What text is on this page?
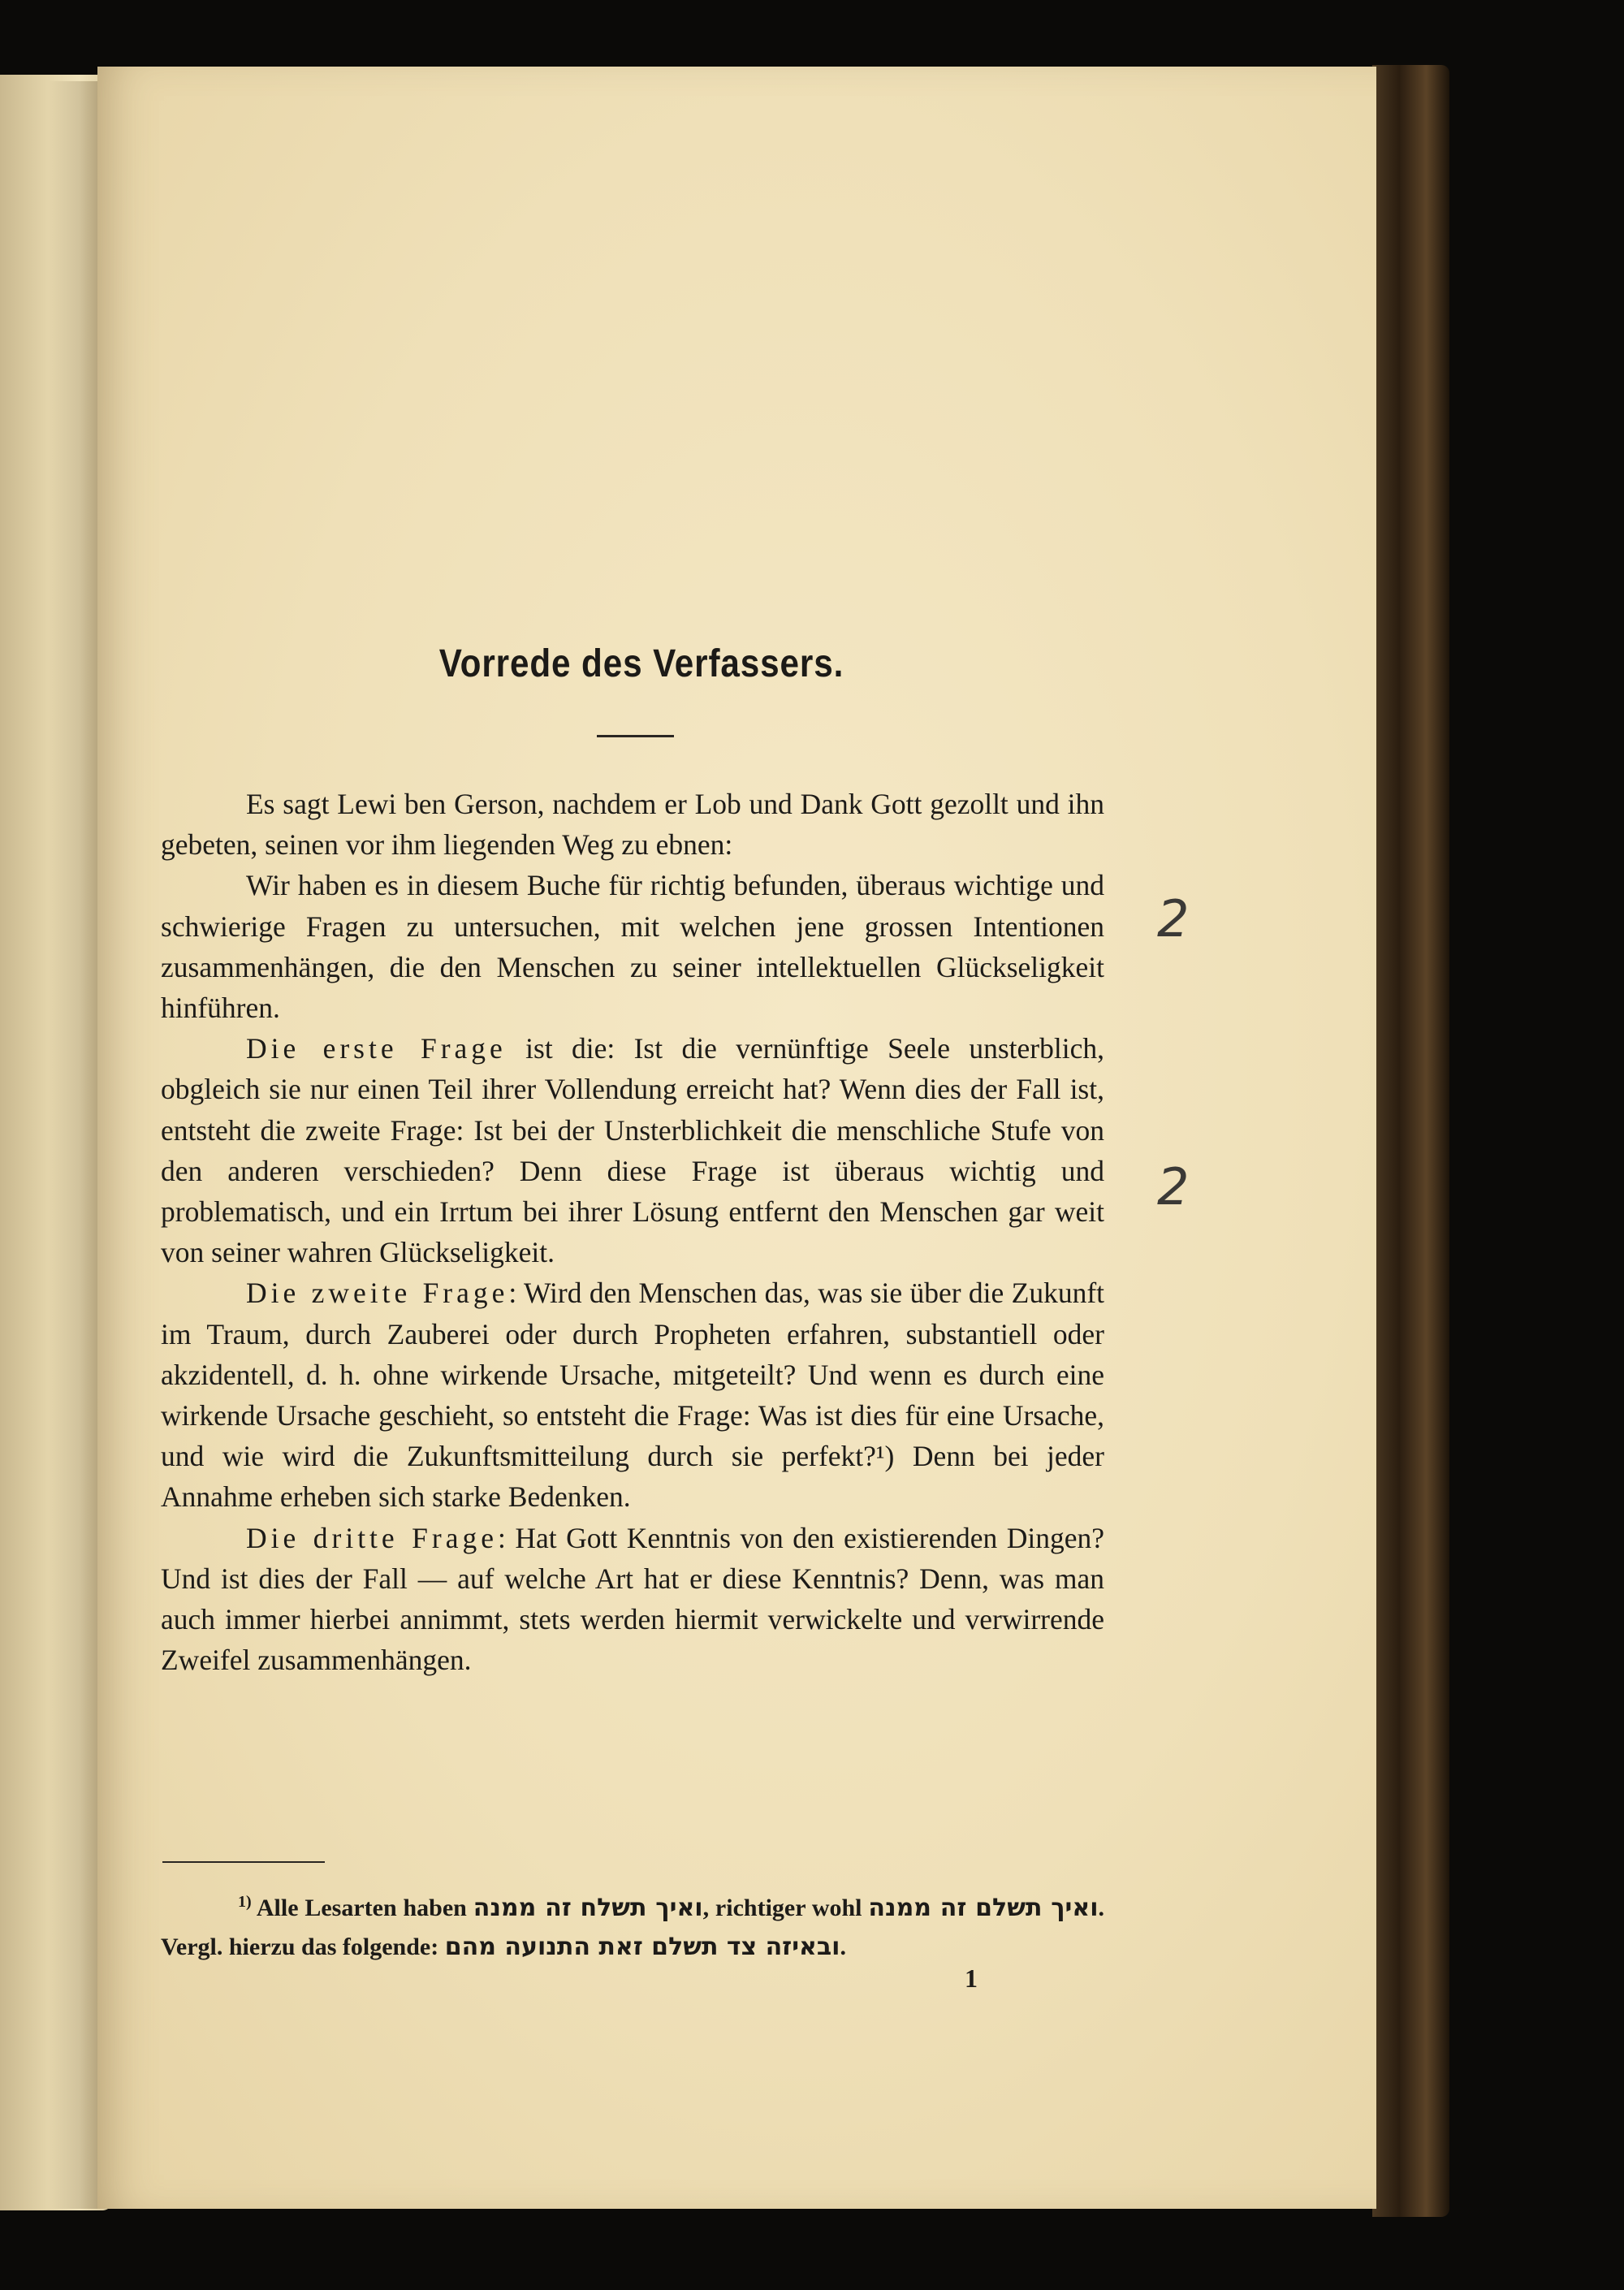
Vorrede des Verfassers.

Es sagt Lewi ben Gerson, nachdem er Lob und Dank Gott gezollt und ihn gebeten, seinen vor ihm liegenden Weg zu ebnen:

Wir haben es in diesem Buche für richtig befunden, überaus wichtige und schwierige Fragen zu untersuchen, mit welchen jene grossen Intentionen zusammenhängen, die den Menschen zu seiner intellektuellen Glückseligkeit hinführen.

Die erste Frage ist die: Ist die vernünftige Seele unsterblich, obgleich sie nur einen Teil ihrer Vollendung erreicht hat? Wenn dies der Fall ist, entsteht die zweite Frage: Ist bei der Unsterblichkeit die menschliche Stufe von den anderen verschieden? Denn diese Frage ist überaus wichtig und problematisch, und ein Irrtum bei ihrer Lösung entfernt den Menschen gar weit von seiner wahren Glückseligkeit.

Die zweite Frage: Wird den Menschen das, was sie über die Zukunft im Traum, durch Zauberei oder durch Propheten erfahren, substantiell oder akzidentell, d. h. ohne wirkende Ursache, mitgeteilt? Und wenn es durch eine wirkende Ursache geschieht, so entsteht die Frage: Was ist dies für eine Ursache, und wie wird die Zukunftsmitteilung durch sie perfekt?¹) Denn bei jeder Annahme erheben sich starke Bedenken.

Die dritte Frage: Hat Gott Kenntnis von den existierenden Dingen? Und ist dies der Fall — auf welche Art hat er diese Kenntnis? Denn, was man auch immer hierbei annimmt, stets werden hiermit verwickelte und verwirrende Zweifel zusammenhängen.

$^{1)}$ Alle Lesarten haben ואיך תשלח זה ממנה, richtiger wohl ואיך תשלם זה ממנה. Vergl. hierzu das folgende: ובאיזה צד תשלם זאת התנועה מהם.

1
2
2
